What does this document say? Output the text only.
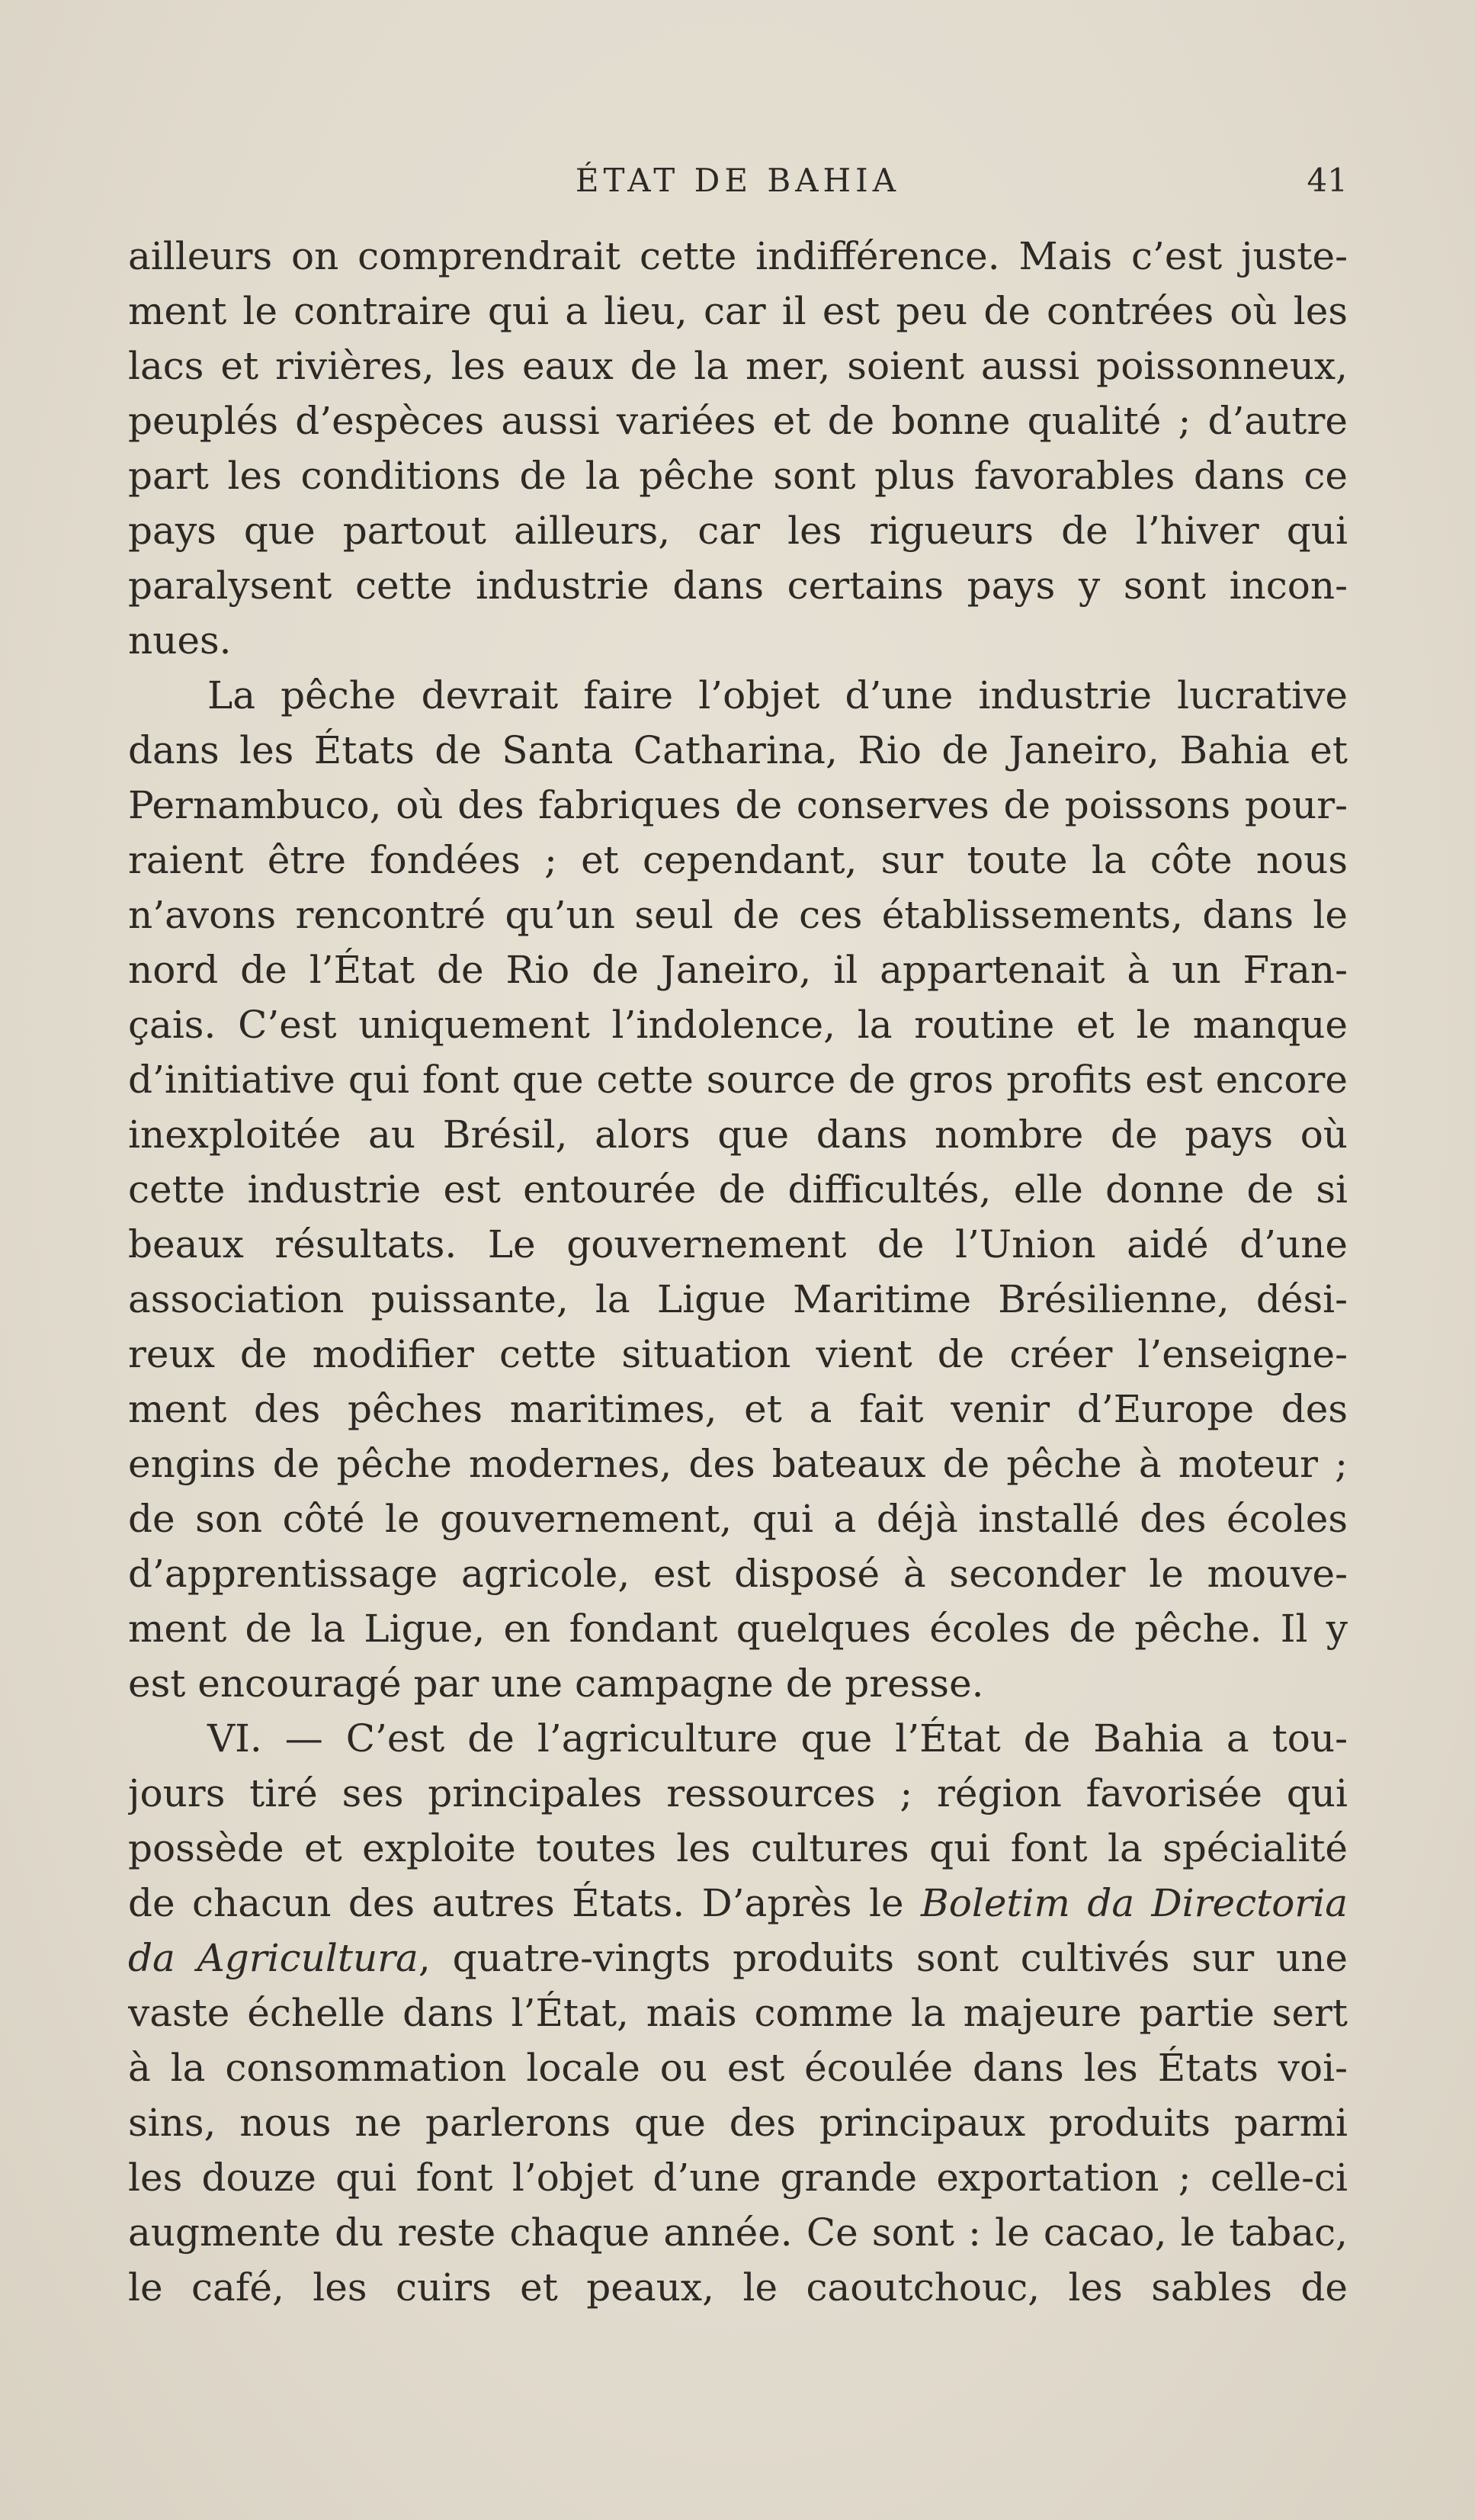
ÉTAT DE BAHIA	41
ailleurs on comprendrait cette indifférence. Mais c’est juste-
ment le contraire qui a lieu, car il est peu de contrées où les
lacs et rivières, les eaux de la mer, soient aussi poissonneux,
peuplés d’espèces aussi variées et de bonne qualité ; d’autre
part les conditions de la pêche sont plus favorables dans ce
pays que partout ailleurs, car les rigueurs de l’hiver qui
paralysent cette industrie dans certains pays y sont incon-
nues.
La pêche devrait faire l’objet d’une industrie lucrative
dans les États de Santa Catharina, Rio de Janeiro, Bahia et
Pernambuco, où des fabriques de conserves de poissons pour-
raient être fondées ; et cependant, sur toute la côte nous
n’avons rencontré qu’un seul de ces établissements, dans le
nord de l’État de Rio de Janeiro, il appartenait à un Fran-
çais. C’est uniquement l’indolence, la routine et le manque
d’initiative qui font que cette source de gros profits est encore
inexploitée au Brésil, alors que dans nombre de pays où
cette industrie est entourée de difficultés, elle donne de si
beaux résultats. Le gouvernement de l’Union aidé d’une
association puissante, la Ligue Maritime Brésilienne, dési-
reux de modifier cette situation vient de créer l’enseigne-
ment des pêches maritimes, et a fait venir d’Europe des
engins de pêche modernes, des bateaux de pêche à moteur ;
de son côté le gouvernement, qui a déjà installé des écoles
d’apprentissage agricole, est disposé à seconder le mouve-
ment de la Ligue, en fondant quelques écoles de pêche. Il y
est encouragé par une campagne de presse.
VI. — C’est de l’agriculture que l’État de Bahia a tou-
jours tiré ses principales ressources ; région favorisée qui
possède et exploite toutes les cultures qui font la spécialité
de chacun des autres États. D’après le Boletim da Directoria
da Agricultura, quatre-vingts produits sont cultivés sur une
vaste échelle dans l’État, mais comme la majeure partie sert
à la consommation locale ou est écoulée dans les États voi-
sins, nous ne parlerons que des principaux produits parmi
les douze qui font l’objet d’une grande exportation ; celle-ci
augmente du reste chaque année. Ce sont : le cacao, le tabac,
le café, les cuirs et peaux, le caoutchouc, les sables de
